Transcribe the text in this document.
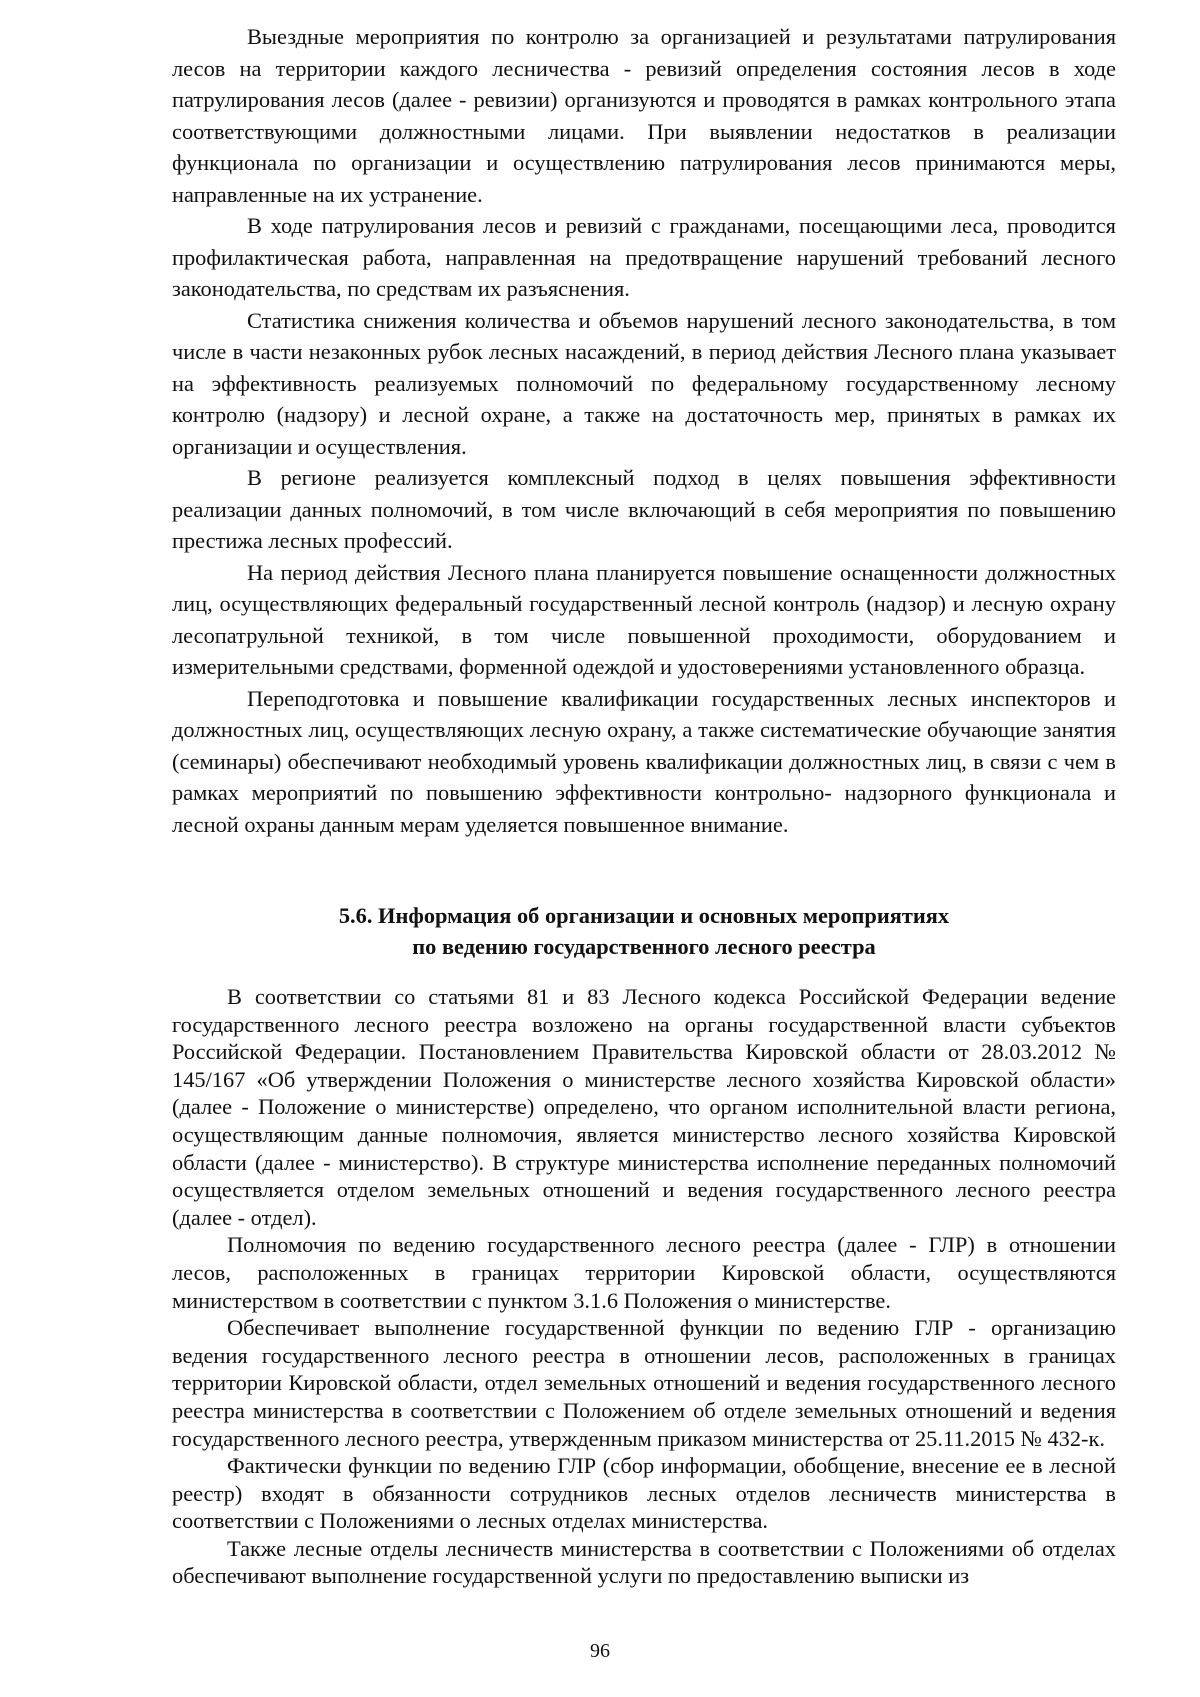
Выездные мероприятия по контролю за организацией и результатами патрулирования лесов на территории каждого лесничества - ревизий определения состояния лесов в ходе патрулирования лесов (далее - ревизии) организуются и проводятся в рамках контрольного этапа соответствующими должностными лицами. При выявлении недостатков в реализации функционала по организации и осуществлению патрулирования лесов принимаются меры, направленные на их устранение.

В ходе патрулирования лесов и ревизий с гражданами, посещающими леса, проводится профилактическая работа, направленная на предотвращение нарушений требований лесного законодательства, по средствам их разъяснения.

Статистика снижения количества и объемов нарушений лесного законодательства, в том числе в части незаконных рубок лесных насаждений, в период действия Лесного плана указывает на эффективность реализуемых полномочий по федеральному государственному лесному контролю (надзору) и лесной охране, а также на достаточность мер, принятых в рамках их организации и осуществления.

В регионе реализуется комплексный подход в целях повышения эффективности реализации данных полномочий, в том числе включающий в себя мероприятия по повышению престижа лесных профессий.

На период действия Лесного плана планируется повышение оснащенности должностных лиц, осуществляющих федеральный государственный лесной контроль (надзор) и лесную охрану лесопатрульной техникой, в том числе повышенной проходимости, оборудованием и измерительными средствами, форменной одеждой и удостоверениями установленного образца.

Переподготовка и повышение квалификации государственных лесных инспекторов и должностных лиц, осуществляющих лесную охрану, а также систематические обучающие занятия (семинары) обеспечивают необходимый уровень квалификации должностных лиц, в связи с чем в рамках мероприятий по повышению эффективности контрольно- надзорного функционала и лесной охраны данным мерам уделяется повышенное внимание.

5.6. Информация об организации и основных мероприятиях
по ведению государственного лесного реестра

В соответствии со статьями 81 и 83 Лесного кодекса Российской Федерации ведение государственного лесного реестра возложено на органы государственной власти субъектов Российской Федерации. Постановлением Правительства Кировской области от 28.03.2012 № 145/167 «Об утверждении Положения о министерстве лесного хозяйства Кировской области» (далее - Положение о министерстве) определено, что органом исполнительной власти региона, осуществляющим данные полномочия, является министерство лесного хозяйства Кировской области (далее - министерство). В структуре министерства исполнение переданных полномочий осуществляется отделом земельных отношений и ведения государственного лесного реестра (далее - отдел).

Полномочия по ведению государственного лесного реестра (далее - ГЛР) в отношении лесов, расположенных в границах территории Кировской области, осуществляются министерством в соответствии с пунктом 3.1.6 Положения о министерстве.

Обеспечивает выполнение государственной функции по ведению ГЛР - организацию ведения государственного лесного реестра в отношении лесов, расположенных в границах территории Кировской области, отдел земельных отношений и ведения государственного лесного реестра министерства в соответствии с Положением об отделе земельных отношений и ведения государственного лесного реестра, утвержденным приказом министерства от 25.11.2015 № 432-к.

Фактически функции по ведению ГЛР (сбор информации, обобщение, внесение ее в лесной реестр) входят в обязанности сотрудников лесных отделов лесничеств министерства в соответствии с Положениями о лесных отделах министерства.

Также лесные отделы лесничеств министерства в соответствии с Положениями об отделах обеспечивают выполнение государственной услуги по предоставлению выписки из

96
